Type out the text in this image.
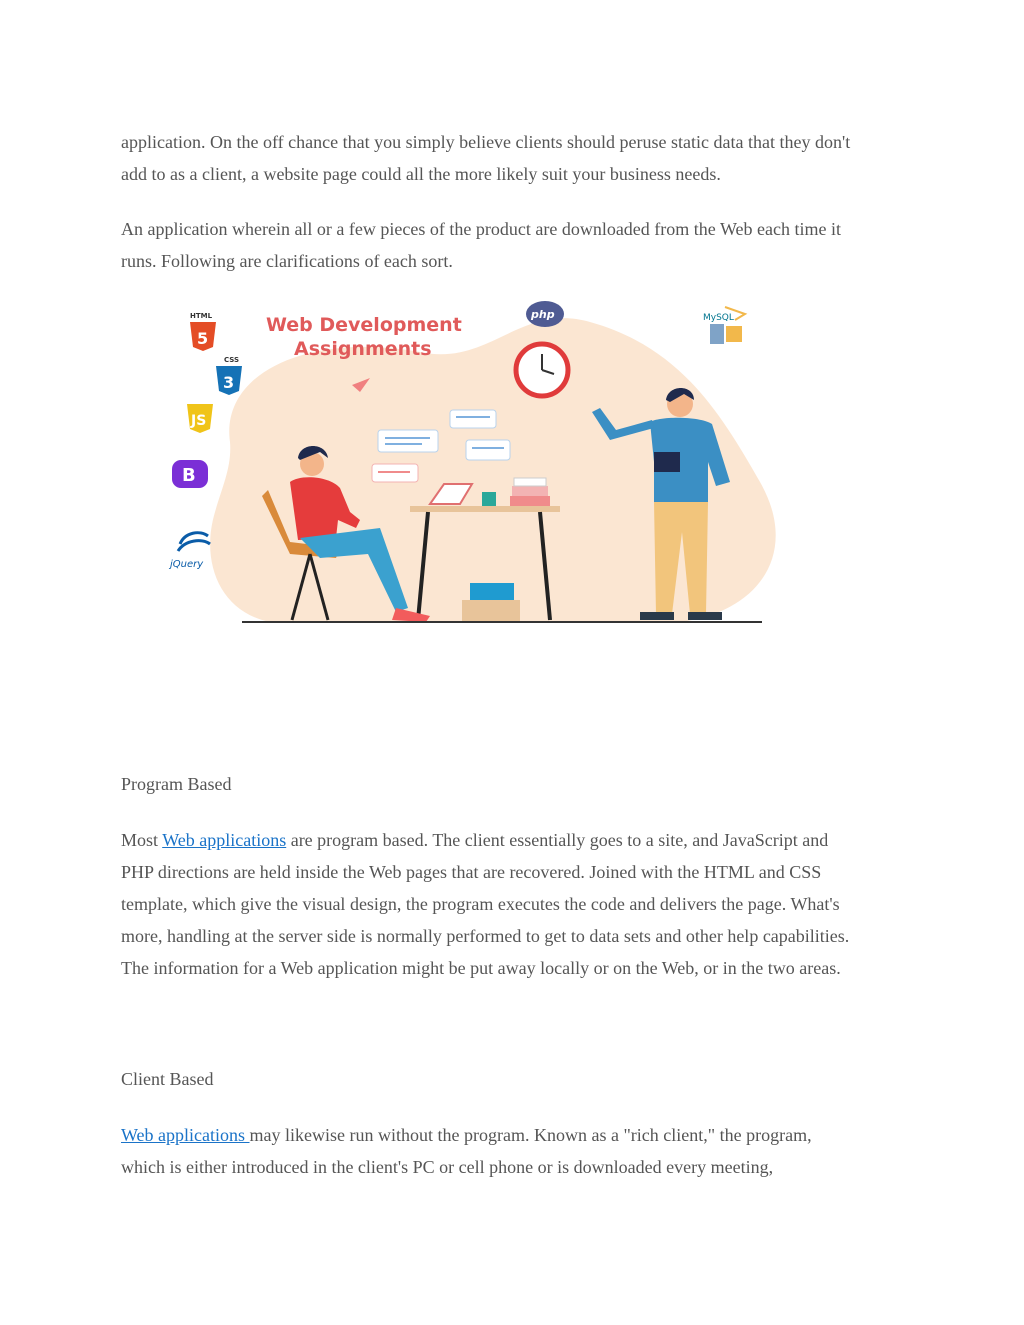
application. On the off chance that you simply believe clients should peruse static data that they don't
add to as a client, a website page could all the more likely suit your business needs.

An application wherein all or a few pieces of the product are downloaded from the Web each time it
runs. Following are clarifications of each sort.

Web Development
Assignments
HTML
5
CSS
3
JS
B
jQuery
php	MySQL

Program Based

Most Web applications are program based. The client essentially goes to a site, and JavaScript and
PHP directions are held inside the Web pages that are recovered. Joined with the HTML and CSS
template, which give the visual design, the program executes the code and delivers the page. What's
more, handling at the server side is normally performed to get to data sets and other help capabilities.
The information for a Web application might be put away locally or on the Web, or in the two areas.

Client Based

Web applications may likewise run without the program. Known as a "rich client," the program,
which is either introduced in the client's PC or cell phone or is downloaded every meeting,
